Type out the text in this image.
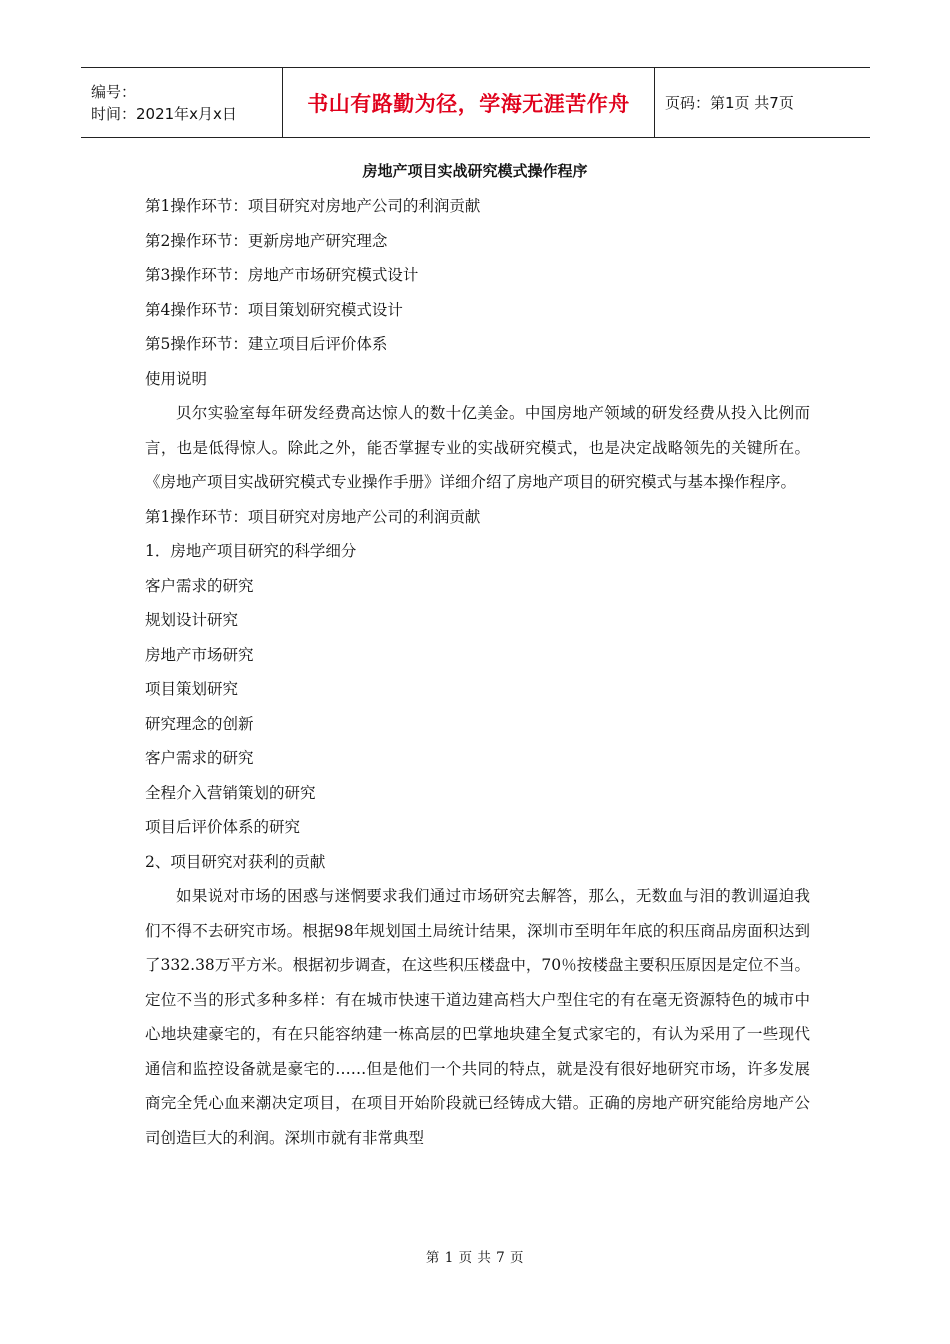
编号：
时间：2021年x月x日	书山有路勤为径，学海无涯苦作舟 页码：第1页 共7页
房地产项目实战研究模式操作程序
第1操作环节：项目研究对房地产公司的利润贡献
第2操作环节：更新房地产研究理念
第3操作环节：房地产市场研究模式设计
第4操作环节：项目策划研究模式设计
第5操作环节：建立项目后评价体系
使用说明

贝尔实验室每年研发经费高达惊人的数十亿美金。中国房地产领域的研发经费从投入比例而言，也是低得惊人。除此之外，能否掌握专业的实战研究模式，也是决定战略领先的关键所在。《房地产项目实战研究模式专业操作手册》详细介绍了房地产项目的研究模式与基本操作程序。

第1操作环节：项目研究对房地产公司的利润贡献
1．房地产项目研究的科学细分
客户需求的研究
规划设计研究
房地产市场研究
项目策划研究
研究理念的创新
客户需求的研究
全程介入营销策划的研究
项目后评价体系的研究
2、项目研究对获利的贡献

如果说对市场的困惑与迷惘要求我们通过市场研究去解答，那么，无数血与泪的教训逼迫我们不得不去研究市场。根据98年规划国土局统计结果，深圳市至明年年底的积压商品房面积达到了332.38万平方米。根据初步调查，在这些积压楼盘中，70％按楼盘主要积压原因是定位不当。定位不当的形式多种多样：有在城市快速干道边建高档大户型住宅的有在毫无资源特色的城市中心地块建豪宅的，有在只能容纳建一栋高层的巴掌地块建全复式家宅的，有认为采用了一些现代通信和监控设备就是豪宅的……但是他们一个共同的特点，就是没有很好地研究市场，许多发展商完全凭心血来潮决定项目，在项目开始阶段就已经铸成大错。正确的房地产研究能给房地产公司创造巨大的利润。深圳市就有非常典型

第 1 页 共 7 页
